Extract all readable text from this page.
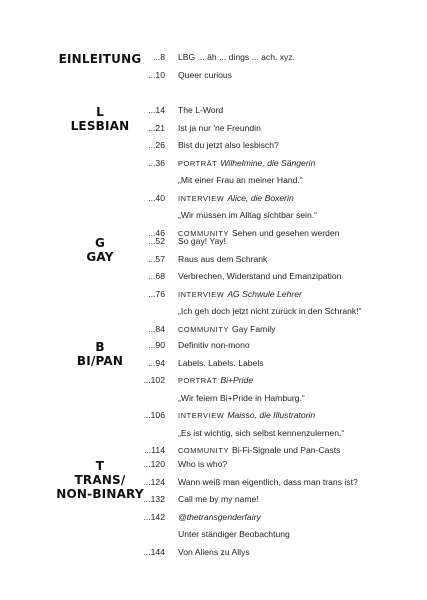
EINLEITUNG	...8 LBG ... äh ... dings ... ach. xyz.
...10 Queer curious
L
LESBIAN
...14 The L-Word
...21 Ist ja nur 'ne Freundin
...26 Bist du jetzt also lesbisch?
...36 PORTRÄT Wilhelmine, die Sängerin
„Mit einer Frau an meiner Hand.“
...40 INTERVIEW Alice, die Boxerin
„Wir müssen im Alltag sichtbar sein.“
...46 COMMUNITY Sehen und gesehen werden
G
GAY
...52 So gay! Yay!
...57 Raus aus dem Schrank
...68 Verbrechen, Widerstand und Emanzipation
...76 INTERVIEW AG Schwule Lehrer
„Ich geh doch jetzt nicht zurück in den Schrank!“
...84 COMMUNITY Gay Family
B
BI/PAN
...90 Definitiv non-mono
...94 Labels. Labels. Labels
...102 PORTRÄT Bi+Pride
„Wir feiern Bi+Pride in Hamburg.“
...106 INTERVIEW Maisso, die Illustratorin
„Es ist wichtig, sich selbst kennenzulernen.“
...114 COMMUNITY Bi-Fi-Signale und Pan-Casts
T
TRANS/
NON-BINARY
...120 Who is who?
...124 Wann weiß man eigentlich, dass man trans ist?
...132 Call me by my name!
...142 @thetransgenderfairy
Unter ständiger Beobachtung
...144 Von Aliens zu Allys
